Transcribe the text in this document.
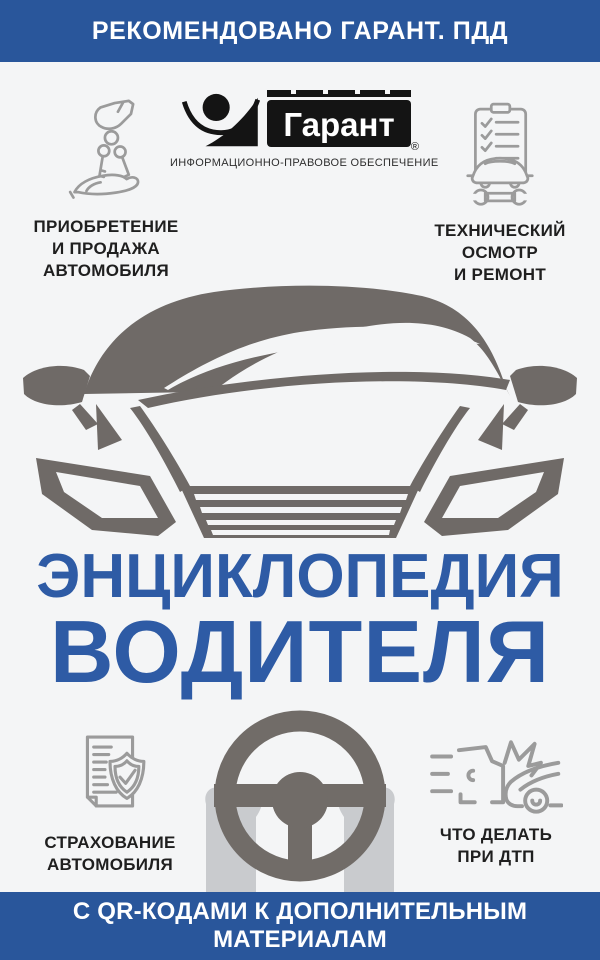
РЕКОМЕНДОВАНО ГАРАНТ. ПДД
Гарант
®
ИНФОРМАЦИОННО-ПРАВОВОЕ ОБЕСПЕЧЕНИЕ
ПРИОБРЕТЕНИЕ
И ПРОДАЖА
АВТОМОБИЛЯ
ТЕХНИЧЕСКИЙ
ОСМОТР
И РЕМОНТ
ЭНЦИКЛОПЕДИЯ
ВОДИТЕЛЯ
СТРАХОВАНИЕ
АВТОМОБИЛЯ
ЧТО ДЕЛАТЬ
ПРИ ДТП
С QR-КОДАМИ К ДОПОЛНИТЕЛЬНЫМ МАТЕРИАЛАМ
